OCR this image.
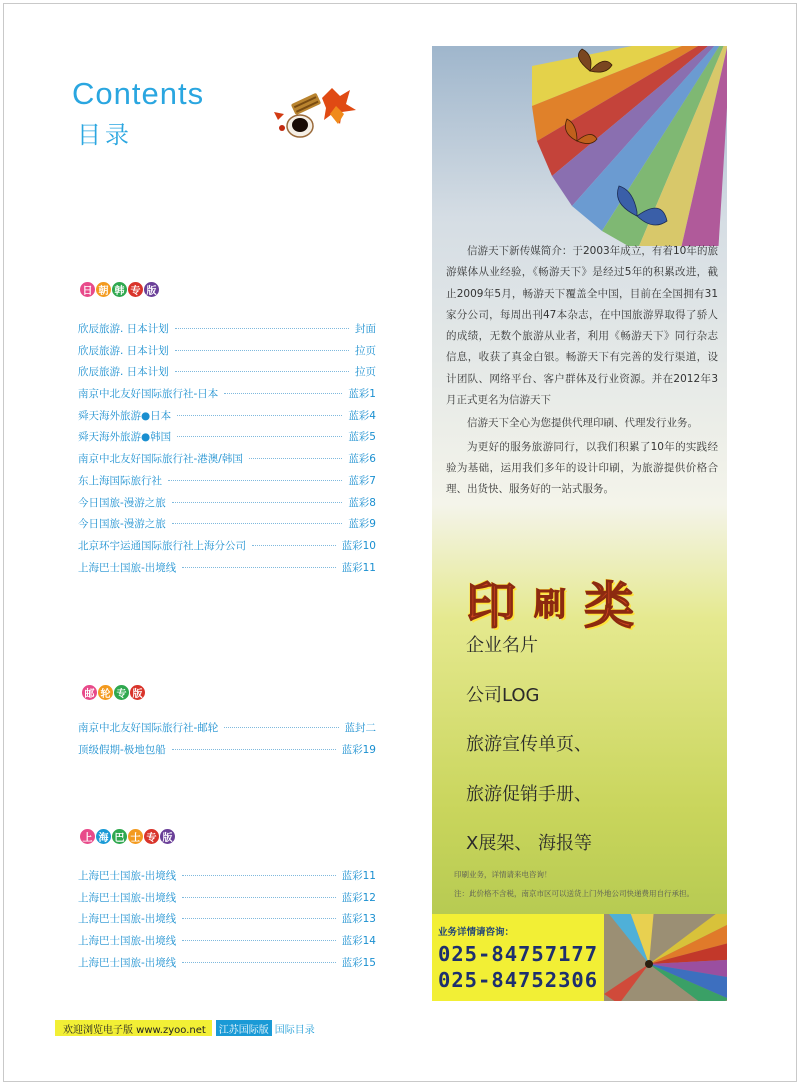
Contents
目录
日 朝 韩 专 版
欣辰旅游. 日本计划	封面
欣辰旅游. 日本计划	拉页
欣辰旅游. 日本计划	拉页
南京中北友好国际旅行社-日本	蓝彩1
舜天海外旅游●日本	蓝彩4
舜天海外旅游●韩国	蓝彩5
南京中北友好国际旅行社-港澳/韩国	蓝彩6
东上海国际旅行社	蓝彩7
今日国旅-漫游之旅	蓝彩8
今日国旅-漫游之旅	蓝彩9
北京环宇运通国际旅行社上海分公司	蓝彩10
上海巴士国旅-出境线	蓝彩11
邮 轮 专 版
南京中北友好国际旅行社-邮轮	蓝封二
顶级假期-极地包船	蓝彩19
上 海 巴 士 专 版
上海巴士国旅-出境线	蓝彩11
上海巴士国旅-出境线	蓝彩12
上海巴士国旅-出境线	蓝彩13
上海巴士国旅-出境线	蓝彩14
上海巴士国旅-出境线	蓝彩15

信游天下新传媒简介：于2003年成立，有着10年的旅游媒体从业经验，《畅游天下》是经过5年的积累改进，截止2009年5月，畅游天下覆盖全中国，目前在全国拥有31家分公司，每周出刊47本杂志，在中国旅游界取得了骄人的成绩，无数个旅游从业者，利用《畅游天下》同行杂志信息，收获了真金白银。畅游天下有完善的发行渠道，设计团队、网络平台、客户群体及行业资源。并在2012年3月正式更名为信游天下

信游天下全心为您提供代理印刷、代理发行业务。

为更好的服务旅游同行，以我们积累了10年的实践经验为基础，运用我们多年的设计印刷，为旅游提供价格合理、出货快、服务好的一站式服务。

印 刷 类
企业名片
公司LOG
旅游宣传单页、
旅游促销手册、
X展架、 海报等
印刷业务，详情请来电咨询！
注：此价格不含税，南京市区可以送货上门外地公司快递费用自行承担。
业务详情请咨询：
025-84757177
025-84752306
欢迎浏览电子版 www.zyoo.net	江苏国际版 国际目录
